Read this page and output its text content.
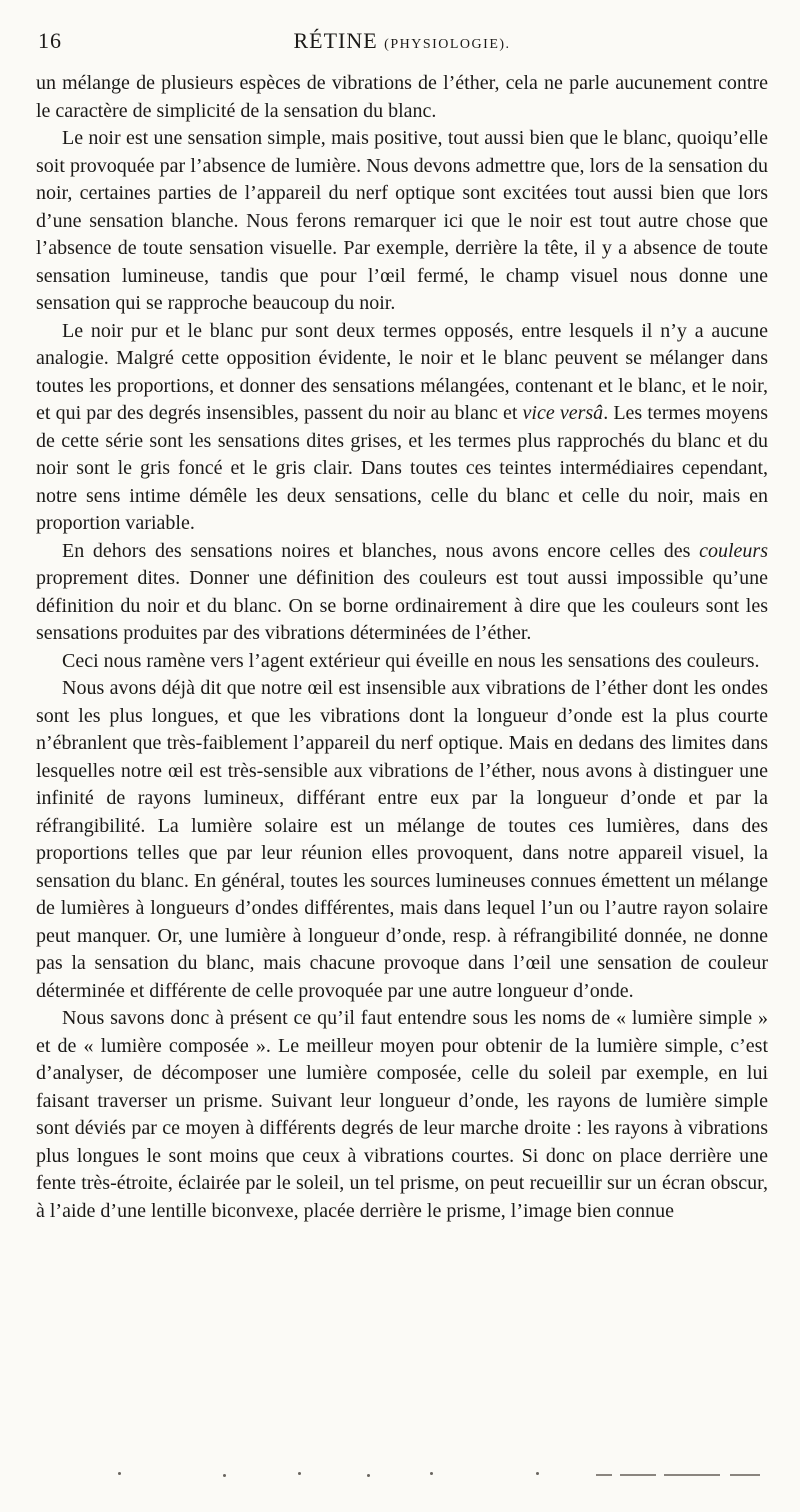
16	RÉTINE (PHYSIOLOGIE).

un mélange de plusieurs espèces de vibrations de l’éther, cela ne parle aucunement contre le caractère de simplicité de la sensation du blanc.

Le noir est une sensation simple, mais positive, tout aussi bien que le blanc, quoiqu’elle soit provoquée par l’absence de lumière. Nous devons admettre que, lors de la sensation du noir, certaines parties de l’appareil du nerf optique sont excitées tout aussi bien que lors d’une sensation blanche. Nous ferons remarquer ici que le noir est tout autre chose que l’absence de toute sensation visuelle. Par exemple, derrière la tête, il y a absence de toute sensation lumineuse, tandis que pour l’œil fermé, le champ visuel nous donne une sensation qui se rapproche beaucoup du noir.

Le noir pur et le blanc pur sont deux termes opposés, entre lesquels il n’y a aucune analogie. Malgré cette opposition évidente, le noir et le blanc peuvent se mélanger dans toutes les proportions, et donner des sensations mélangées, contenant et le blanc, et le noir, et qui par des degrés insensibles, passent du noir au blanc et vice versâ. Les termes moyens de cette série sont les sensations dites grises, et les termes plus rapprochés du blanc et du noir sont le gris foncé et le gris clair. Dans toutes ces teintes intermédiaires cependant, notre sens intime démêle les deux sensations, celle du blanc et celle du noir, mais en proportion variable.

En dehors des sensations noires et blanches, nous avons encore celles des couleurs proprement dites. Donner une définition des couleurs est tout aussi impossible qu’une définition du noir et du blanc. On se borne ordinairement à dire que les couleurs sont les sensations produites par des vibrations déterminées de l’éther.

Ceci nous ramène vers l’agent extérieur qui éveille en nous les sensations des couleurs.

Nous avons déjà dit que notre œil est insensible aux vibrations de l’éther dont les ondes sont les plus longues, et que les vibrations dont la longueur d’onde est la plus courte n’ébranlent que très-faiblement l’appareil du nerf optique. Mais en dedans des limites dans lesquelles notre œil est très-sensible aux vibrations de l’éther, nous avons à distinguer une infinité de rayons lumineux, différant entre eux par la longueur d’onde et par la réfrangibilité. La lumière solaire est un mélange de toutes ces lumières, dans des proportions telles que par leur réunion elles provoquent, dans notre appareil visuel, la sensation du blanc. En général, toutes les sources lumineuses connues émettent un mélange de lumières à longueurs d’ondes différentes, mais dans lequel l’un ou l’autre rayon solaire peut manquer. Or, une lumière à longueur d’onde, resp. à réfrangibilité donnée, ne donne pas la sensation du blanc, mais chacune provoque dans l’œil une sensation de couleur déterminée et différente de celle provoquée par une autre longueur d’onde.

Nous savons donc à présent ce qu’il faut entendre sous les noms de « lumière simple » et de « lumière composée ». Le meilleur moyen pour obtenir de la lumière simple, c’est d’analyser, de décomposer une lumière composée, celle du soleil par exemple, en lui faisant traverser un prisme. Suivant leur longueur d’onde, les rayons de lumière simple sont déviés par ce moyen à différents degrés de leur marche droite : les rayons à vibrations plus longues le sont moins que ceux à vibrations courtes. Si donc on place derrière une fente très-étroite, éclairée par le soleil, un tel prisme, on peut recueillir sur un écran obscur, à l’aide d’une lentille biconvexe, placée derrière le prisme, l’image bien connue
